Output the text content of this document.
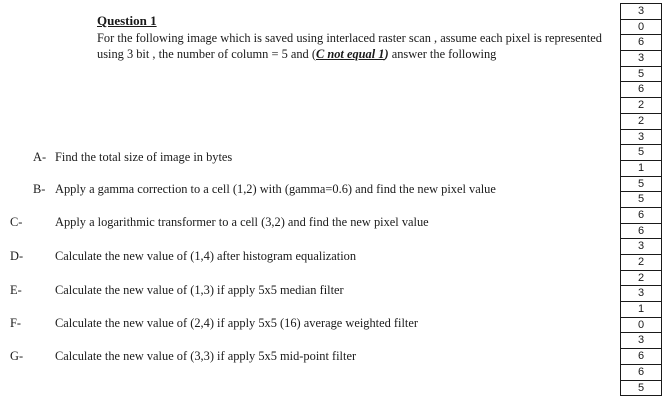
Question 1
For the following image which is saved using interlaced raster scan , assume each pixel is represented using 3 bit , the number of column = 5 and (C not equal 1) answer the following
A- Find the total size of image in bytes
B- Apply a gamma correction to a cell (1,2) with (gamma=0.6) and find the new pixel value
C-	Apply a logarithmic transformer to a cell (3,2) and find the new pixel value
D-	Calculate the new value of (1,4) after histogram equalization
E-	Calculate the new value of (1,3) if apply 5x5 median filter
F-	Calculate the new value of (2,4) if apply 5x5 (16) average weighted filter
G-	Calculate the new value of (3,3) if apply 5x5 mid-point filter
3
0
6
3
5
6
2
2
3
5
1
5
5
6
6
3
2
2
3
1
0
3
6
6
5
